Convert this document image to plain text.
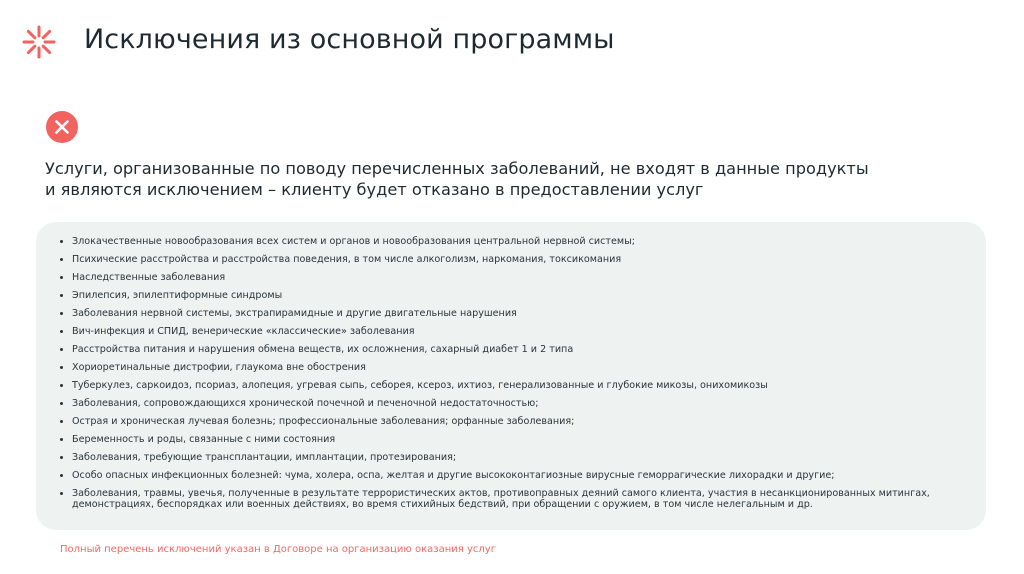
Исключения из основной программы

Услуги, организованные по поводу перечисленных заболеваний, не входят в данные продукты
и являются исключением – клиенту будет отказано в предоставлении услуг

Злокачественные новообразования всех систем и органов и новообразования центральной нервной системы;
Психические расстройства и расстройства поведения, в том числе алкоголизм, наркомания, токсикомания
Наследственные заболевания
Эпилепсия, эпилептиформные синдромы
Заболевания нервной системы, экстрапирамидные и другие двигательные нарушения
Вич-инфекция и СПИД, венерические «классические» заболевания
Расстройства питания и нарушения обмена веществ, их осложнения, сахарный диабет 1 и 2 типа
Хориоретинальные дистрофии, глаукома вне обострения
Туберкулез, саркоидоз, псориаз, алопеция, угревая сыпь, себорея, ксероз, ихтиоз, генерализованные и глубокие микозы, онихомикозы
Заболевания, сопровождающихся хронической почечной и печеночной недостаточностью;
Острая и хроническая лучевая болезнь; профессиональные заболевания; орфанные заболевания;
Беременность и роды, связанные с ними состояния
Заболевания, требующие трансплантации, имплантации, протезирования;
Особо опасных инфекционных болезней: чума, холера, оспа, желтая и другие высококонтагиозные вирусные геморрагические лихорадки и другие;
Заболевания, травмы, увечья, полученные в результате террористических актов, противоправных деяний самого клиента, участия в несанкционированных митингах, демонстрациях, беспорядках или военных действиях, во время стихийных бедствий, при обращении с оружием, в том числе нелегальным и др.

Полный перечень исключений указан в Договоре на организацию оказания услуг
